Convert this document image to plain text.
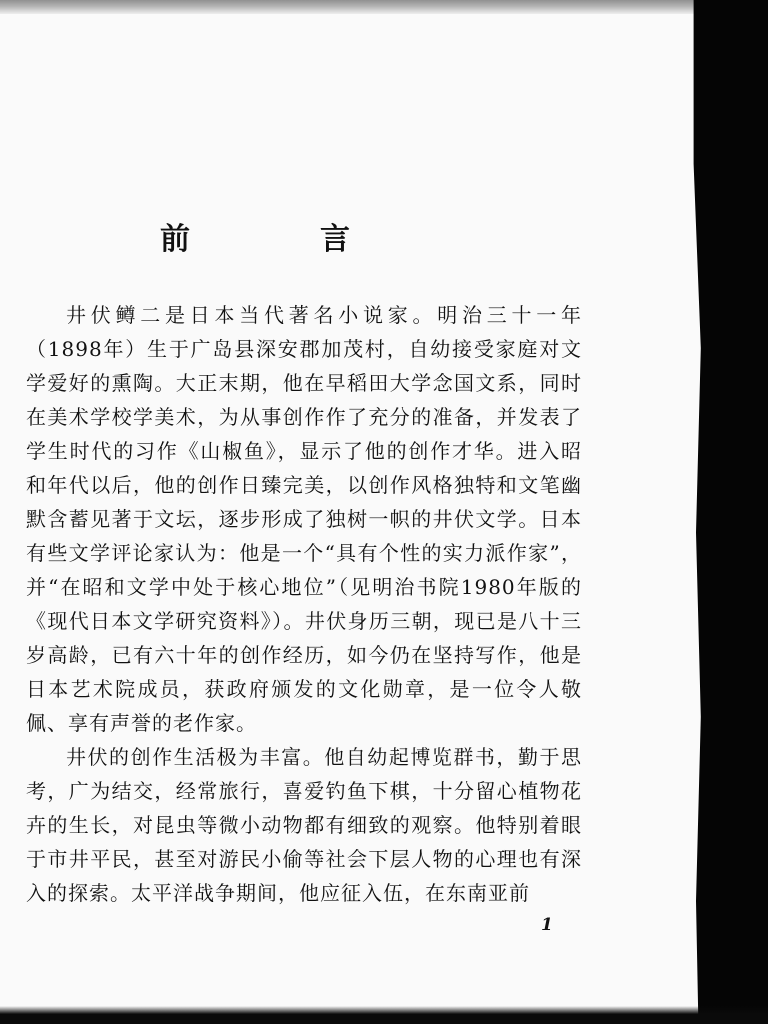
前　言

井伏鳟二是日本当代著名小说家。明治三十一年（1898年）生于广岛县深安郡加茂村，自幼接受家庭对文学爱好的熏陶。大正末期，他在早稻田大学念国文系，同时在美术学校学美术，为从事创作作了充分的准备，并发表了学生时代的习作《山椒鱼》，显示了他的创作才华。进入昭和年代以后，他的创作日臻完美，以创作风格独特和文笔幽默含蓄见著于文坛，逐步形成了独树一帜的井伏文学。日本有些文学评论家认为：他是一个“具有个性的实力派作家”，并“在昭和文学中处于核心地位”（见明治书院1980年版的《现代日本文学研究资料》）。井伏身历三朝，现已是八十三岁高龄，已有六十年的创作经历，如今仍在坚持写作，他是日本艺术院成员，获政府颁发的文化勋章，是一位令人敬佩、享有声誉的老作家。

井伏的创作生活极为丰富。他自幼起博览群书，勤于思考，广为结交，经常旅行，喜爱钓鱼下棋，十分留心植物花卉的生长，对昆虫等微小动物都有细致的观察。他特别着眼于市井平民，甚至对游民小偷等社会下层人物的心理也有深入的探索。太平洋战争期间，他应征入伍，在东南亚前

1
